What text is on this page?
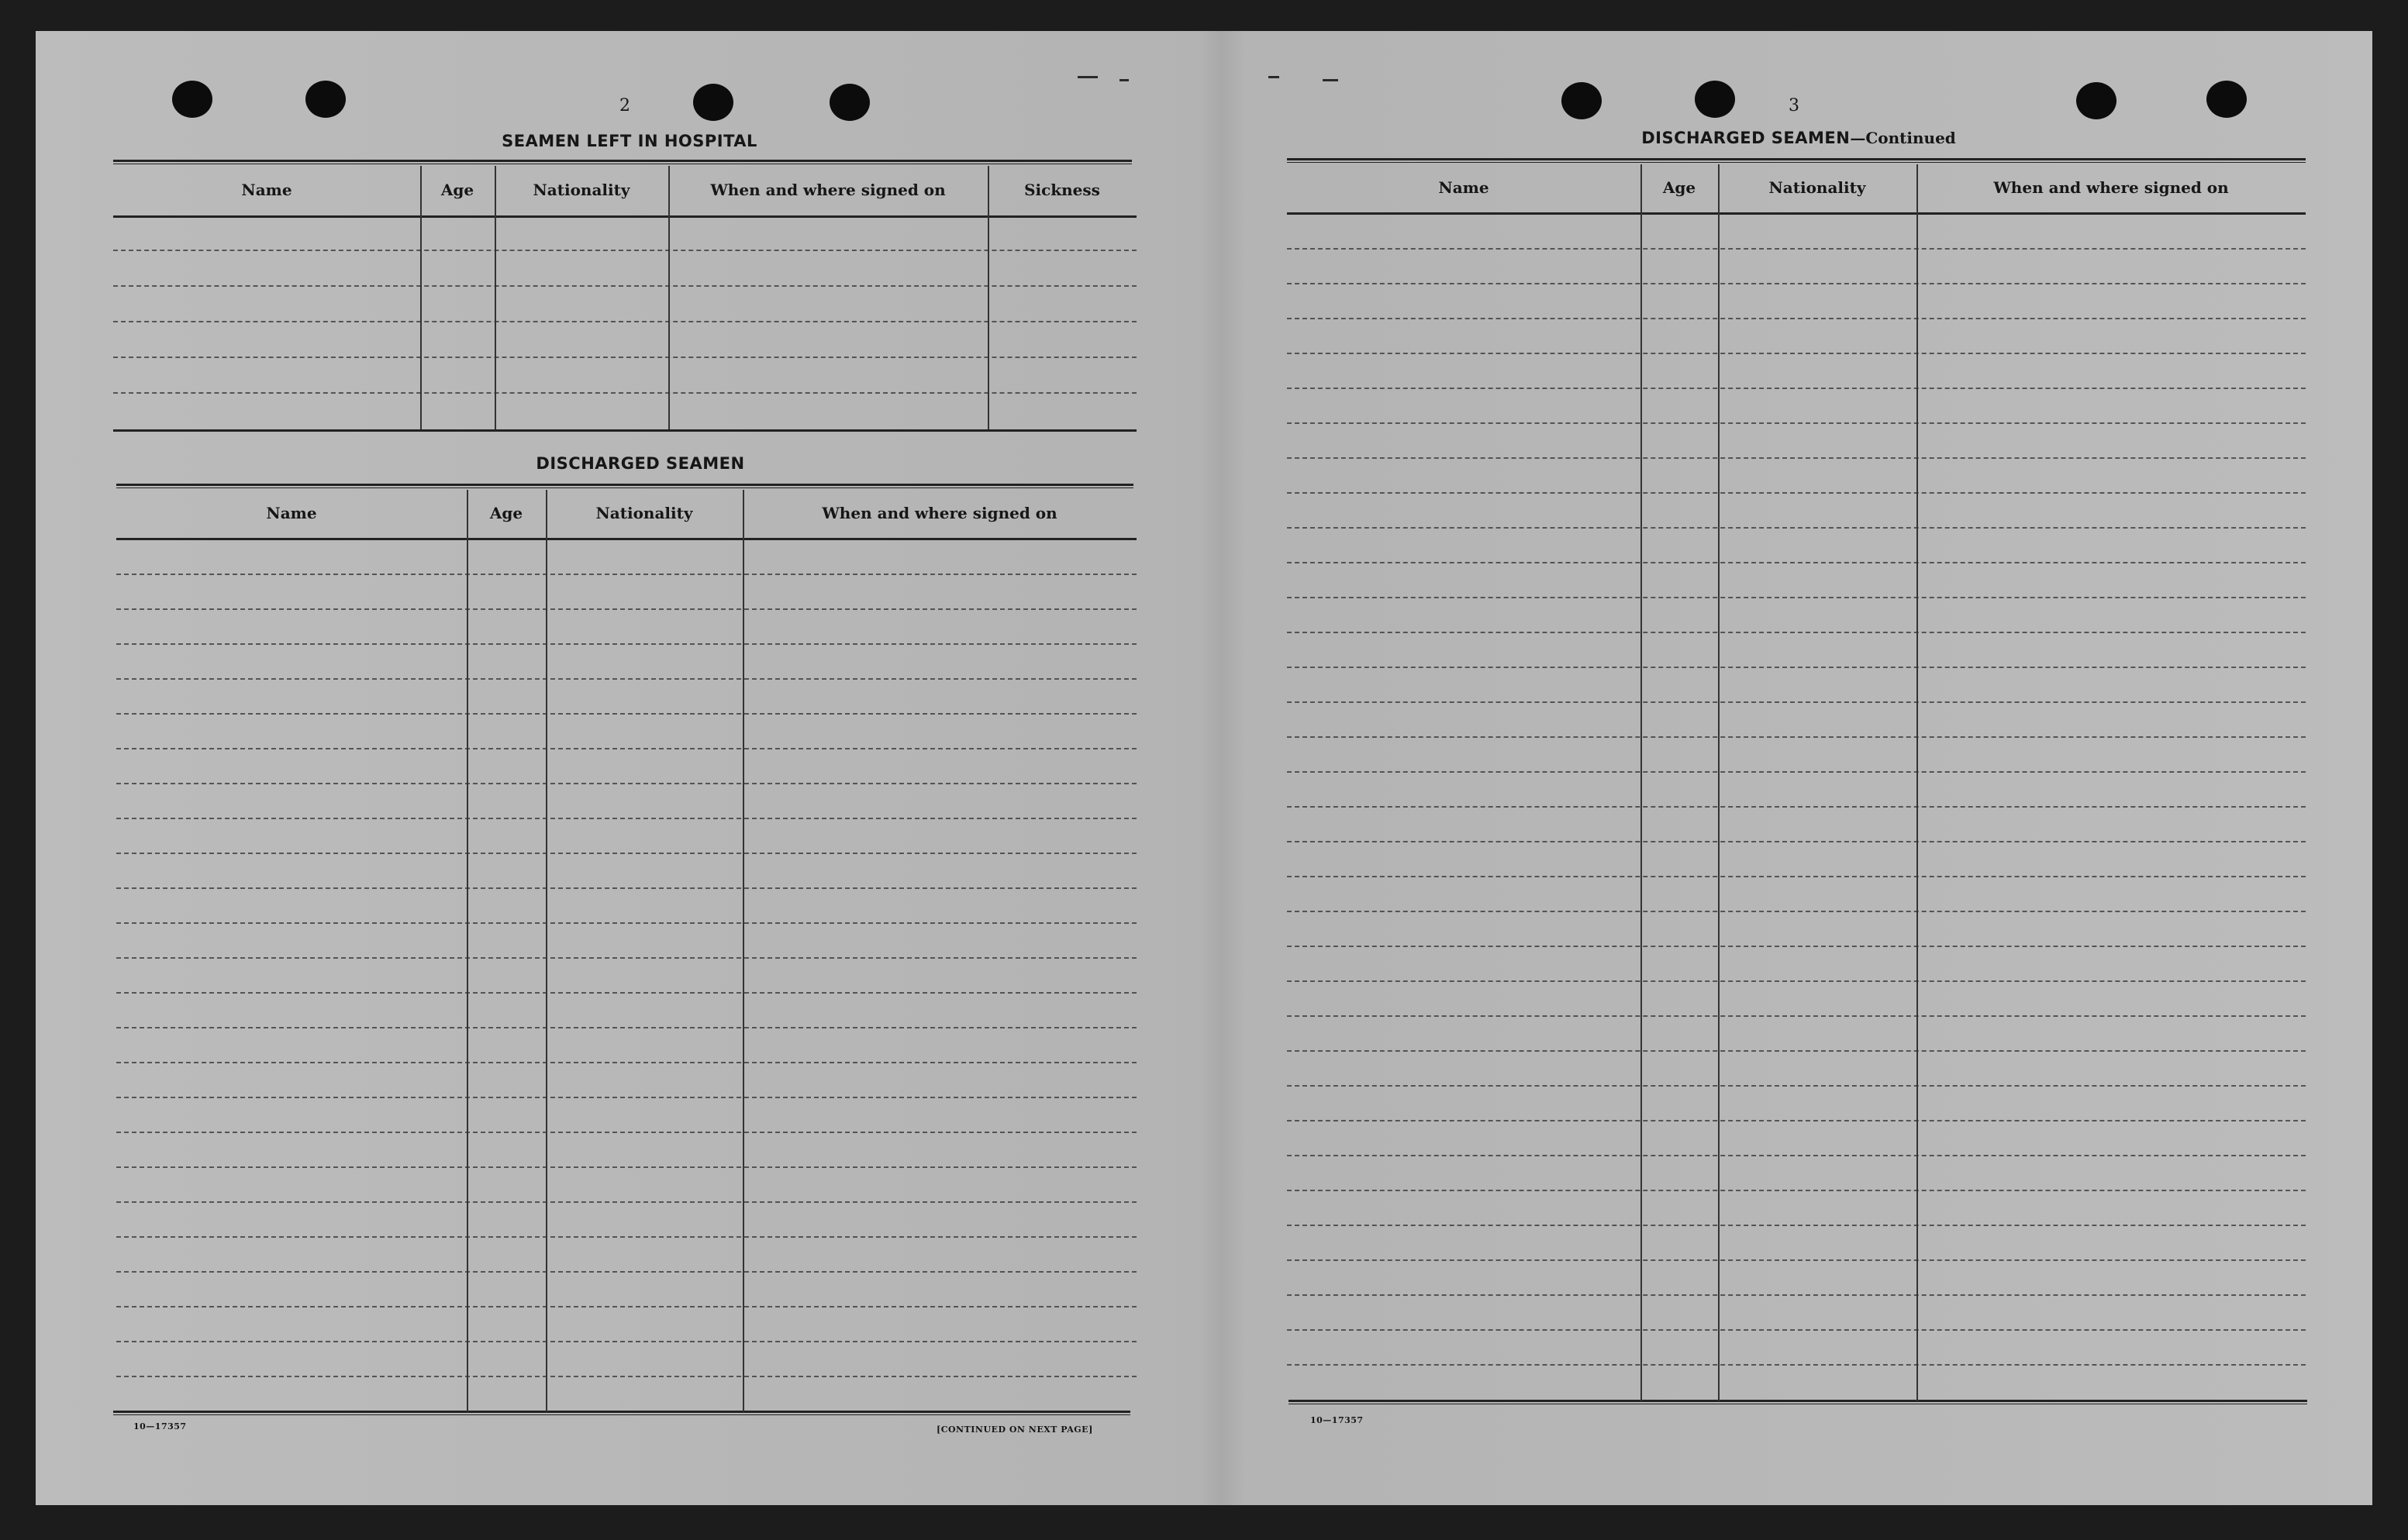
2
SEAMEN LEFT IN HOSPITAL
DISCHARGED SEAMEN
10—17357	[CONTINUED ON NEXT PAGE]
3
DISCHARGED SEAMEN—Continued
10—17357
Name	Age	Nationality	When and where signed on	Sickness
Name	Age	Nationality	When and where signed on
Name	Age	Nationality	When and where signed on
